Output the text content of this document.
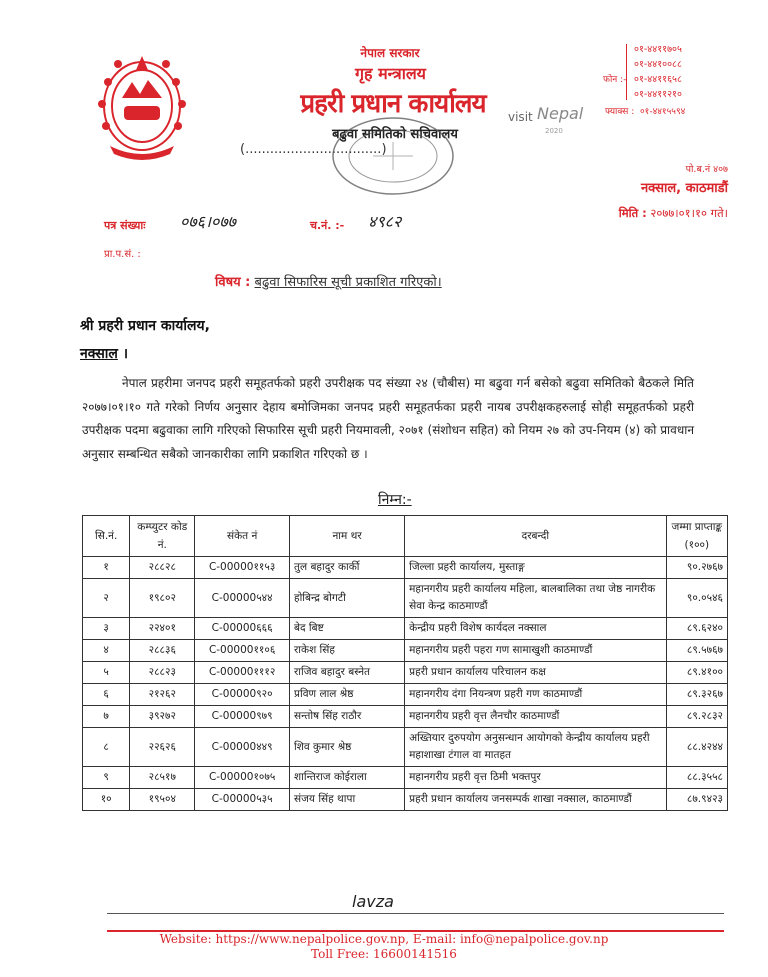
नेपाल सरकार
गृह मन्त्रालय
प्रहरी प्रधान कार्यालय
बढुवा समितिको सचिवालय
(.................................)
visit Nepal
2020
फोन :-
०१-४४११७०५
०१-४४१००८८
०१-४४११६५८
०१-४४११२१०
फ्याक्स : ०१-४४१५५९४
पो.ब.नं ४०७
नक्साल, काठमाडौं
मिति : २०७७।०१।१० गते।
पत्र संख्याः ०७६।०७७	च.नं. :- ४९८२
प्रा.प.सं. :
विषय : बढुवा सिफारिस सूची प्रकाशित गरिएको।
श्री प्रहरी प्रधान कार्यालय,
नक्साल ।
नेपाल प्रहरीमा जनपद प्रहरी समूहतर्फको प्रहरी उपरीक्षक पद संख्या २४ (चौबीस) मा बढुवा गर्न बसेको बढुवा समितिको बैठकले मिति २०७७।०१।१० गते गरेको निर्णय अनुसार देहाय बमोजिमका जनपद प्रहरी समूहतर्फका प्रहरी नायब उपरीक्षकहरुलाई सोही समूहतर्फको प्रहरी उपरीक्षक पदमा बढुवाका लागि गरिएको सिफारिस सूची प्रहरी नियमावली, २०७१ (संशोधन सहित) को नियम २७ को उप-नियम (४) को प्रावधान अनुसार सम्बन्धित सबैको जानकारीका लागि प्रकाशित गरिएको छ ।
निम्न:-
सि.नं.	कम्प्युटर कोड नं.	संकेत नं	नाम थर	दरबन्दी	जम्मा प्राप्ताङ्क (१००)
१	२८८२८	C-00000११५३	तुल बहादुर कार्की	जिल्ला प्रहरी कार्यालय, मुस्ताङ्ग	९०.२७६७
२	१९८०२	C-00000५४४	होबिन्द्र बोगटी	महानगरीय प्रहरी कार्यालय महिला, बालबालिका तथा जेष्ठ नागरीक सेवा केन्द्र काठमाण्डौं	९०.०५४६
३	२२४०१	C-00000६६६	बेद बिष्ट	केन्द्रीय प्रहरी विशेष कार्यदल नक्साल	८९.६२४०
४	२८८३६	C-00000११०६	राकेश सिंह	महानगरीय प्रहरी पहरा गण सामाखुशी काठमाण्डौं	८९.५७६७
५	२८८२३	C-00000१११२	राजिव बहादुर बस्नेत	प्रहरी प्रधान कार्यालय परिचालन कक्ष	८९.४१००
६	२१२६२	C-00000९२०	प्रविण लाल श्रेष्ठ	महानगरीय दंगा नियन्त्रण प्रहरी गण काठमाण्डौं	८९.३२६७
७	३९२७२	C-00000९७९	सन्तोष सिंह राठौर	महानगरीय प्रहरी वृत्त लैनचौर काठमाण्डौं	८९.२८३२
८	२२६२६	C-00000४४९	शिव कुमार श्रेष्ठ	अख्तियार दुरुपयोग अनुसन्धान आयोगको केन्द्रीय कार्यालय प्रहरी महाशाखा टंगाल वा मातहत	८८.४२४४
९	२८५१७	C-00000१०७५	शान्तिराज कोईराला	महानगरीय प्रहरी वृत्त ठिमी भक्तपुर	८८.३५५८
१०	१९५०४	C-00000५३५	संजय सिंह थापा	प्रहरी प्रधान कार्यालय जनसम्पर्क शाखा नक्साल, काठमाण्डौं	८७.९४२३
lavza
Website: https://www.nepalpolice.gov.np, E-mail: info@nepalpolice.gov.np
Toll Free: 16600141516
